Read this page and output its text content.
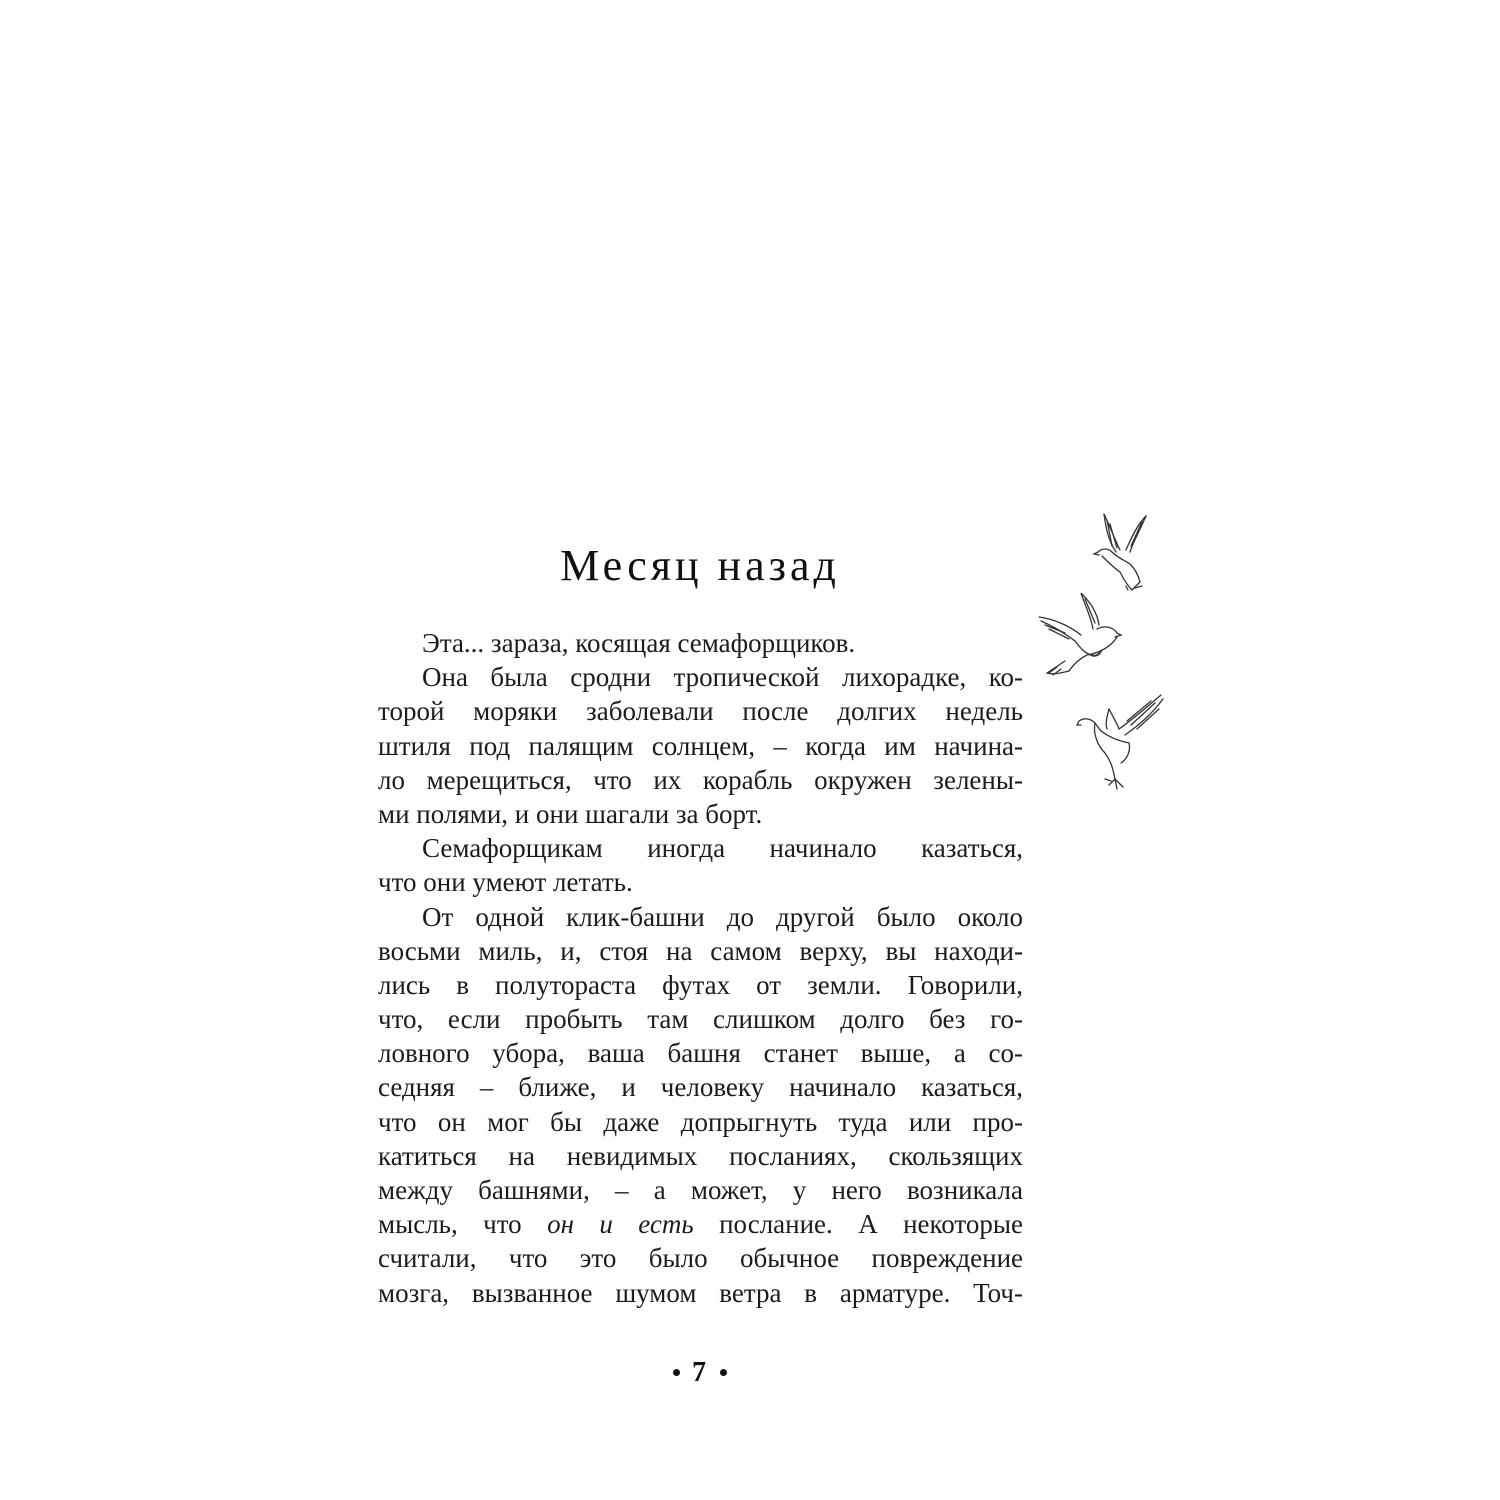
Месяц назад
Эта... зараза, косящая семафорщиков.
Она была сродни тропической лихорадке, ко-
торой моряки заболевали после долгих недель
штиля под палящим солнцем, – когда им начина-
ло мерещиться, что их корабль окружен зелены-
ми полями, и они шагали за борт.
Семафорщикам иногда начинало казаться,
что они умеют летать.
От одной клик-башни до другой было около
восьми миль, и, стоя на самом верху, вы находи-
лись в полутораста футах от земли. Говорили,
что, если пробыть там слишком долго без го-
ловного убора, ваша башня станет выше, а со-
седняя – ближе, и человеку начинало казаться,
что он мог бы даже допрыгнуть туда или про-
катиться на невидимых посланиях, скользящих
между башнями, – а может, у него возникала
мысль, что он и есть послание. А некоторые
считали, что это было обычное повреждение
мозга, вызванное шумом ветра в арматуре. Точ-
7
